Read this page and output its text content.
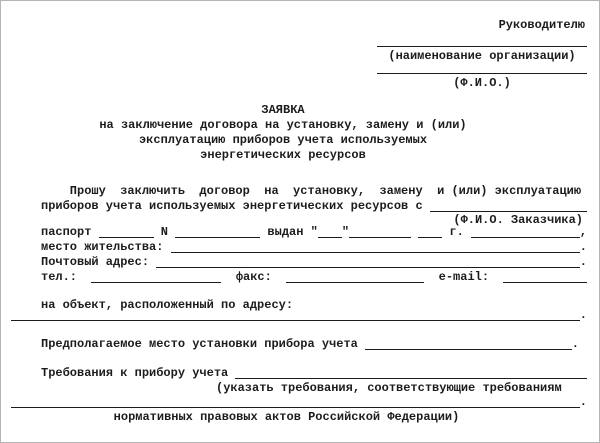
Руководителю
(наименование организации)
(Ф.И.О.)
ЗАЯВКА
на заключение договора на установку, замену и (или)
эксплуатацию приборов учета используемых
энергетических ресурсов
Прошу  заключить  договор  на  установку,  замену  и (или) эксплуатацию
приборов учета используемых энергетических ресурсов с
(Ф.И.О. Заказчика)
паспорт	N	выдан " "
	г.	,
место жительства:	.
Почтовый адрес:	.
тел.:	факс:	e-mail:
на объект, расположенный по адресу:
.
Предполагаемое место установки прибора учета	.
Требования к прибору учета
(указать требования, соответствующие требованиям
.
нормативных правовых актов Российской Федерации)
